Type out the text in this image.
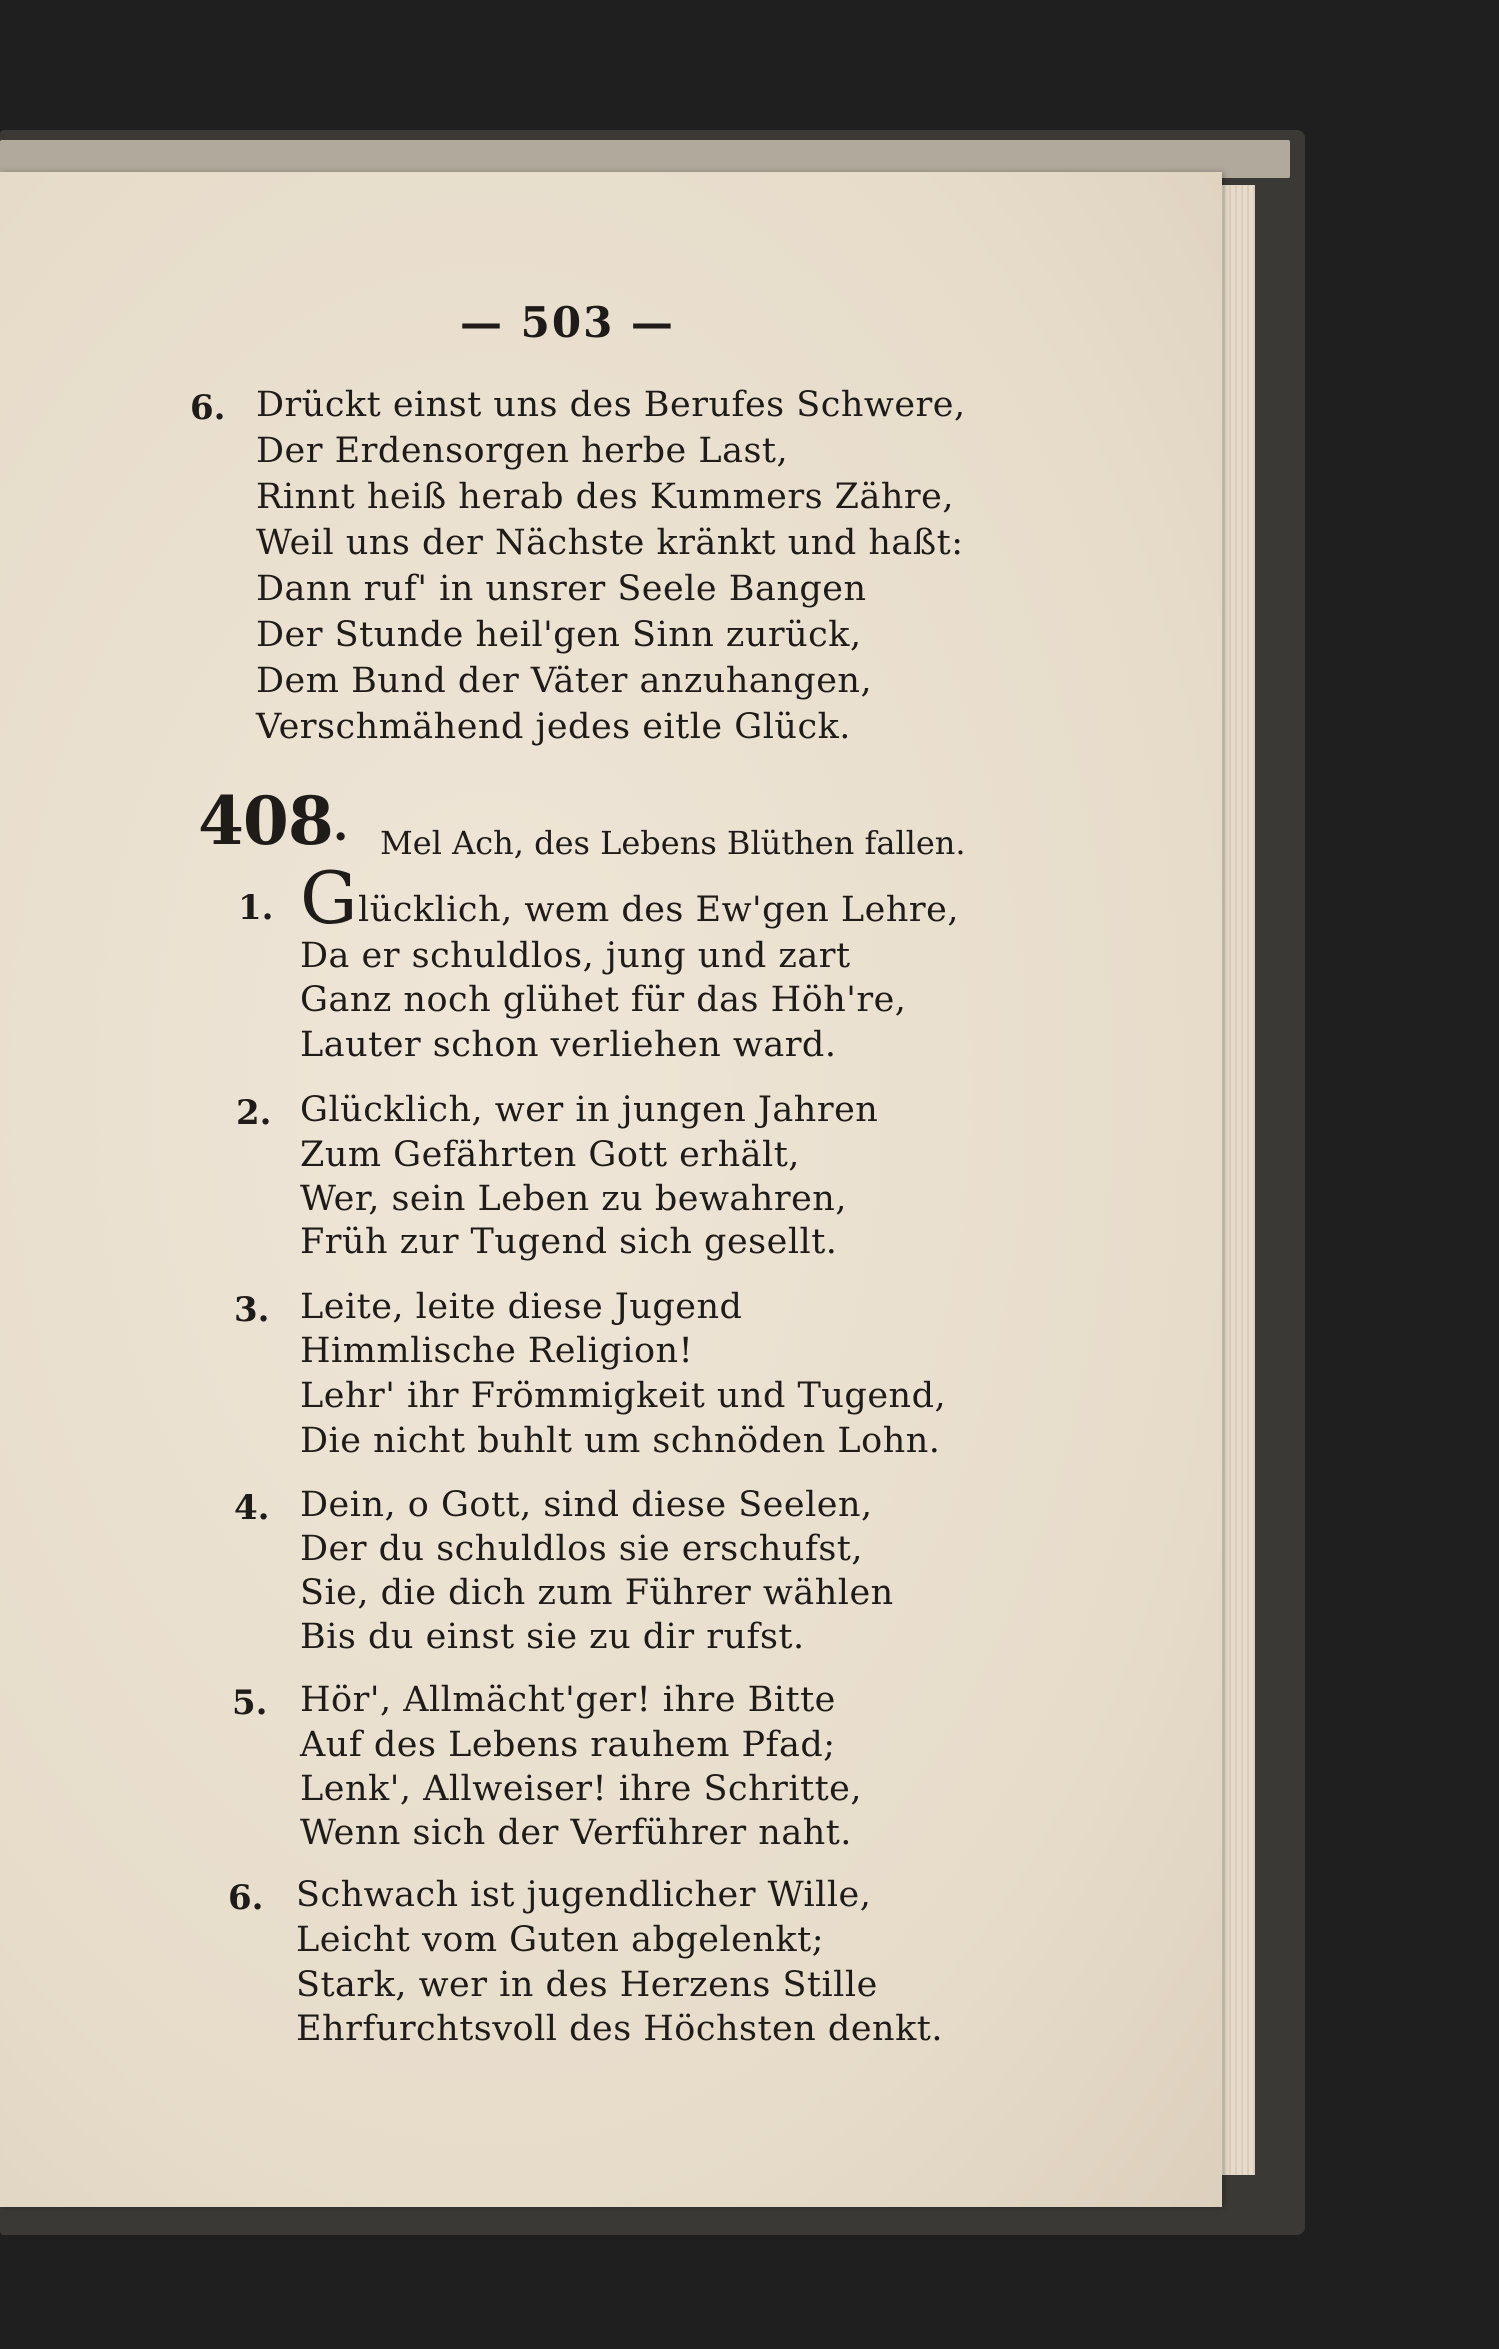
— 503 —
6. Drückt einst uns des Berufes Schwere,
Der Erdensorgen herbe Last,
Rinnt heiß herab des Kummers Zähre,
Weil uns der Nächste kränkt und haßt:
Dann ruf' in unsrer Seele Bangen
Der Stunde heil'gen Sinn zurück,
Dem Bund der Väter anzuhangen,
Verschmähend jedes eitle Glück.
408 . Mel Ach, des Lebens Blüthen fallen.
1. G lücklich, wem des Ew'gen Lehre,
Da er schuldlos, jung und zart
Ganz noch glühet für das Höh're,
Lauter schon verliehen ward.
2. Glücklich, wer in jungen Jahren
Zum Gefährten Gott erhält,
Wer, sein Leben zu bewahren,
Früh zur Tugend sich gesellt.
3. Leite, leite diese Jugend
Himmlische Religion!
Lehr' ihr Frömmigkeit und Tugend,
Die nicht buhlt um schnöden Lohn.
4. Dein, o Gott, sind diese Seelen,
Der du schuldlos sie erschufst,
Sie, die dich zum Führer wählen
Bis du einst sie zu dir rufst.
5. Hör', Allmächt'ger! ihre Bitte
Auf des Lebens rauhem Pfad;
Lenk', Allweiser! ihre Schritte,
Wenn sich der Verführer naht.
6. Schwach ist jugendlicher Wille,
Leicht vom Guten abgelenkt;
Stark, wer in des Herzens Stille
Ehrfurchtsvoll des Höchsten denkt.
